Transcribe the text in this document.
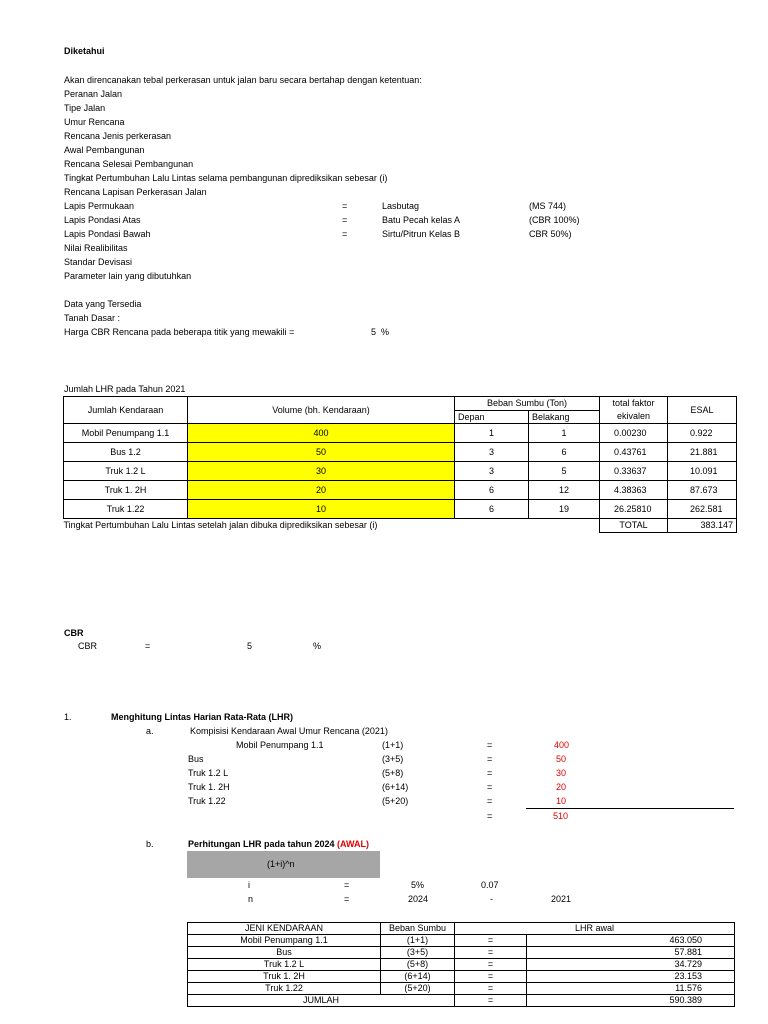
Diketahui
Akan direncanakan tebal perkerasan untuk jalan baru secara bertahap dengan ketentuan:
Peranan Jalan
Tipe Jalan
Umur Rencana
Rencana Jenis perkerasan
Awal Pembangunan
Rencana Selesai Pembangunan
Tingkat Pertumbuhan Lalu Lintas selama pembangunan diprediksikan sebesar (i)
Rencana Lapisan Perkerasan Jalan
Lapis Permukaan	=	Lasbutag	(MS 744)
Lapis Pondasi Atas	=	Batu Pecah kelas A	(CBR 100%)
Lapis Pondasi Bawah	=	Sirtu/Pitrun Kelas B	CBR 50%)
Nilai Realibilitas
Standar Devisasi
Parameter lain yang dibutuhkan
Data yang Tersedia
Tanah Dasar :
Harga CBR Rencana pada beberapa titik yang mewakili =	5 %
Jumlah LHR pada Tahun 2021
Jumlah Kendaraan	Volume (bh. Kendaraan)	Beban Sumbu (Ton)		total faktor	ESAL
		Depan	Belakang	ekivalen	
Mobil Penumpang 1.1	400	1	1	0.00230	0.922
Bus 1.2	50	3	6	0.43761	21.881
Truk 1.2 L	30	3	5	0.33637	10.091
Truk 1. 2H	20	6	12	4.38363	87.673
Truk 1.22	10	6	19	26.25810	262.581
Tingkat Pertumbuhan Lalu Lintas setelah jalan dibuka diprediksikan sebesar (i)				TOTAL	383.147
CBR
CBR	=	5	%
1.	Menghitung Lintas Harian Rata-Rata (LHR)
a.	Kompisisi Kendaraan Awal Umur Rencana (2021)
Mobil Penumpang 1.1	(1+1)	=	400
Bus	(3+5)	=	50
Truk 1.2 L	(5+8)	=	30
Truk 1. 2H	(6+14)	=	20
Truk 1.22	(5+20)	=	10
=	510
b.	Perhitungan LHR pada tahun 2024 (AWAL)
(1+i)^n
i	=	5%	0.07
n	=	2024	-	2021
JENI KENDARAAN	Beban Sumbu	LHR awal	
Mobil Penumpang 1.1	(1+1)	=	463.050
Bus	(3+5)	=	57.881
Truk 1.2 L	(5+8)	=	34.729
Truk 1. 2H	(6+14)	=	23.153
Truk 1.22	(5+20)	=	11.576
JUMLAH		=	590.389
